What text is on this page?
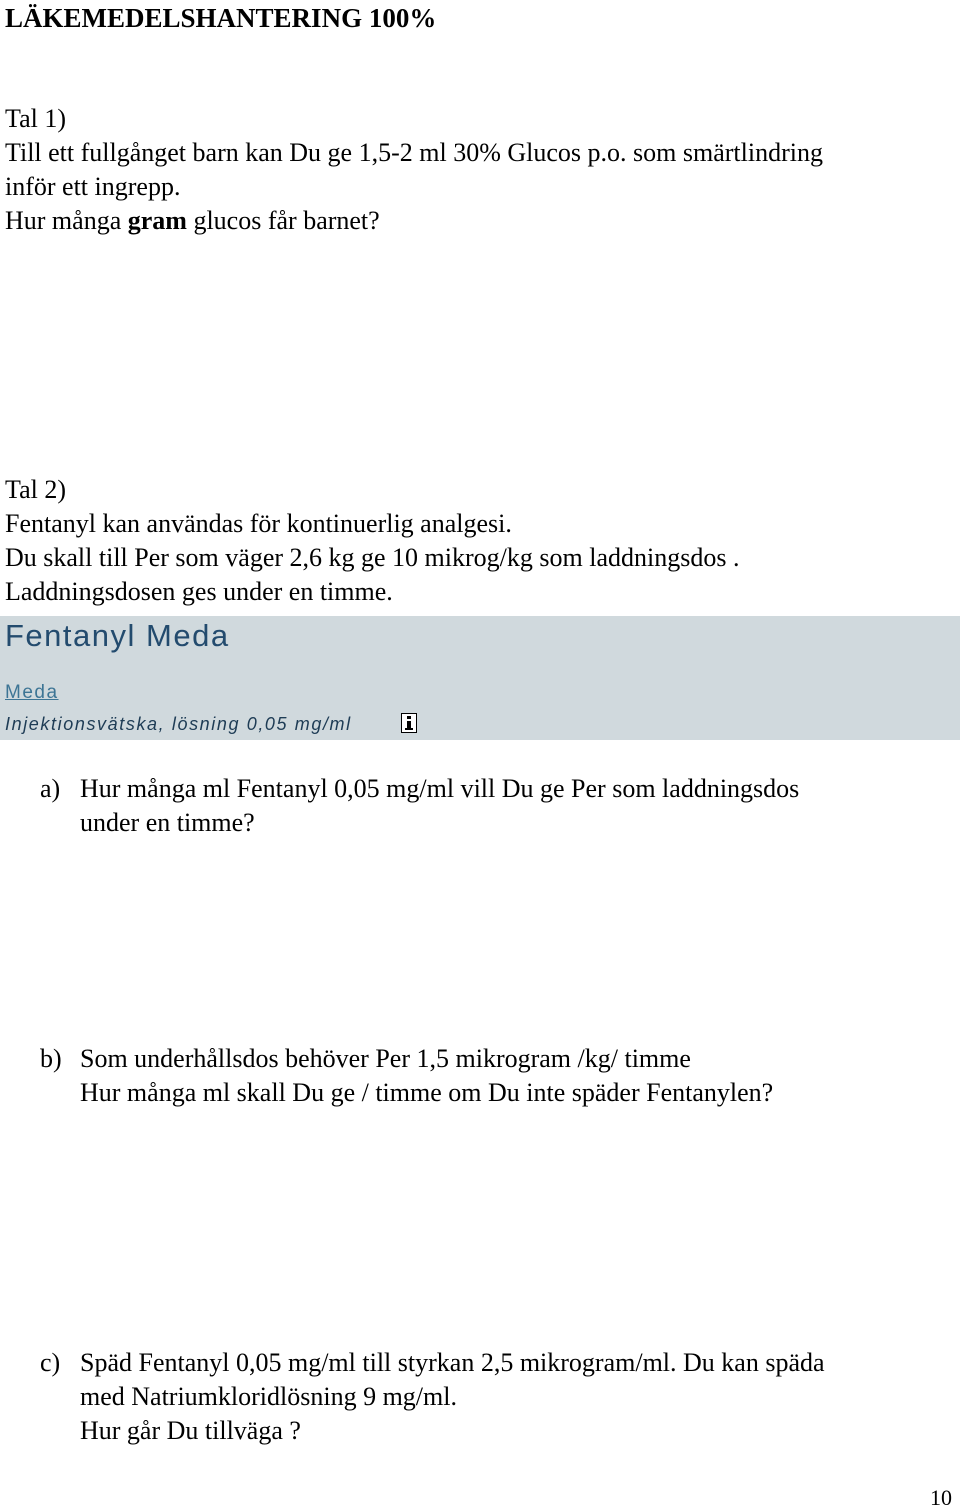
LÄKEMEDELSHANTERING 100%
Tal 1)
Till ett fullgånget barn kan Du ge 1,5-2 ml 30% Glucos p.o. som smärtlindring
inför ett ingrepp.
Hur många gram glucos får barnet?
Tal 2)
Fentanyl kan användas för kontinuerlig analgesi.
Du skall till Per som väger 2,6 kg ge 10 mikrog/kg som laddningsdos .
Laddningsdosen ges under en timme.
Fentanyl Meda
Meda
Injektionsvätska, lösning 0,05 mg/ml
a) Hur många ml Fentanyl 0,05 mg/ml vill Du ge Per som laddningsdos
under en timme?
b) Som underhållsdos behöver Per 1,5 mikrogram /kg/ timme
Hur många ml skall Du ge / timme om Du inte späder Fentanylen?
c) Späd Fentanyl 0,05 mg/ml till styrkan 2,5 mikrogram/ml. Du kan späda
med Natriumkloridlösning 9 mg/ml.
Hur går Du tillväga ?
10
